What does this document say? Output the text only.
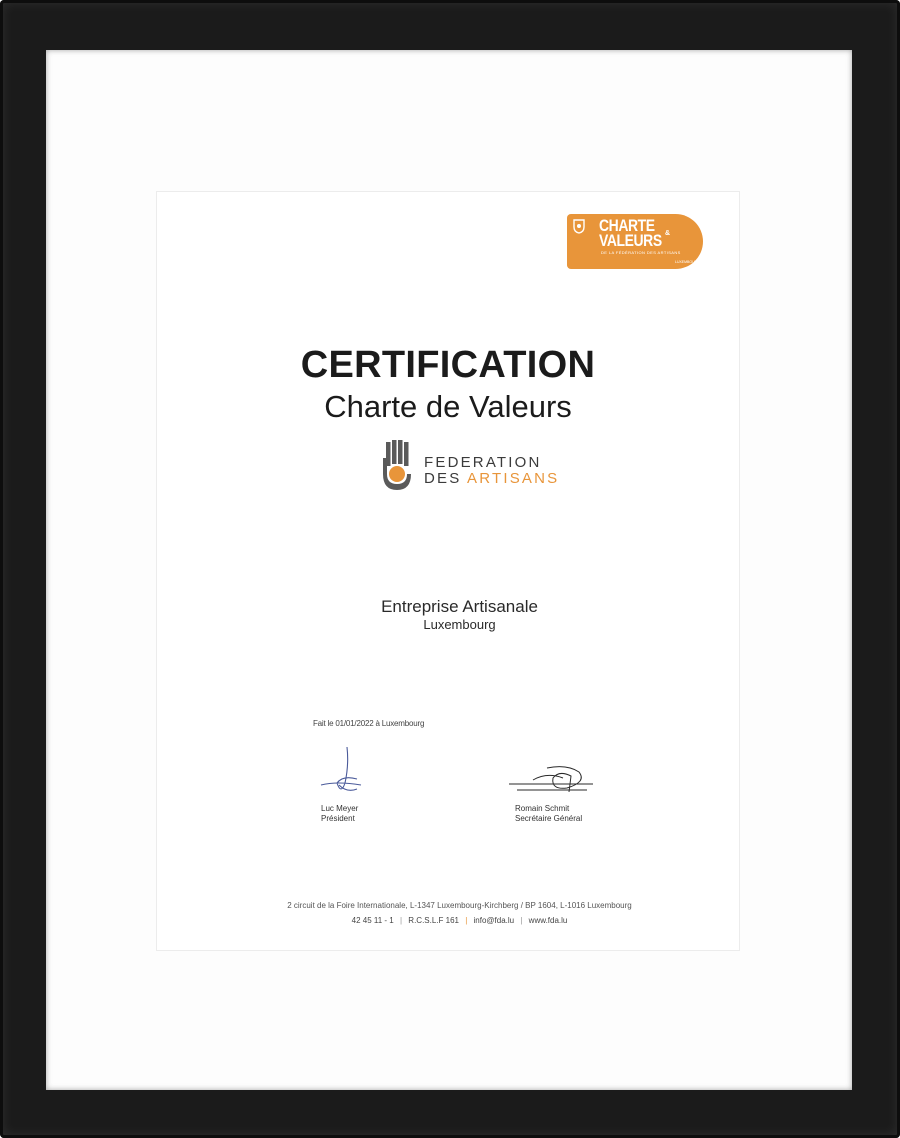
CHARTE &
VALEURS
DE LA FÉDÉRATION DES ARTISANS
LUXEMBOURG
CERTIFICATION
Charte de Valeurs
FEDERATION
DES ARTISANS
Entreprise Artisanale
Luxembourg
Fait le 01/01/2022 à Luxembourg
Luc Meyer
Président
Romain Schmit
Secrétaire Général
2 circuit de la Foire Internationale, L-1347 Luxembourg-Kirchberg / BP 1604, L-1016 Luxembourg
42 45 11 - 1 | R.C.S.L.F 161 | info@fda.lu | www.fda.lu
